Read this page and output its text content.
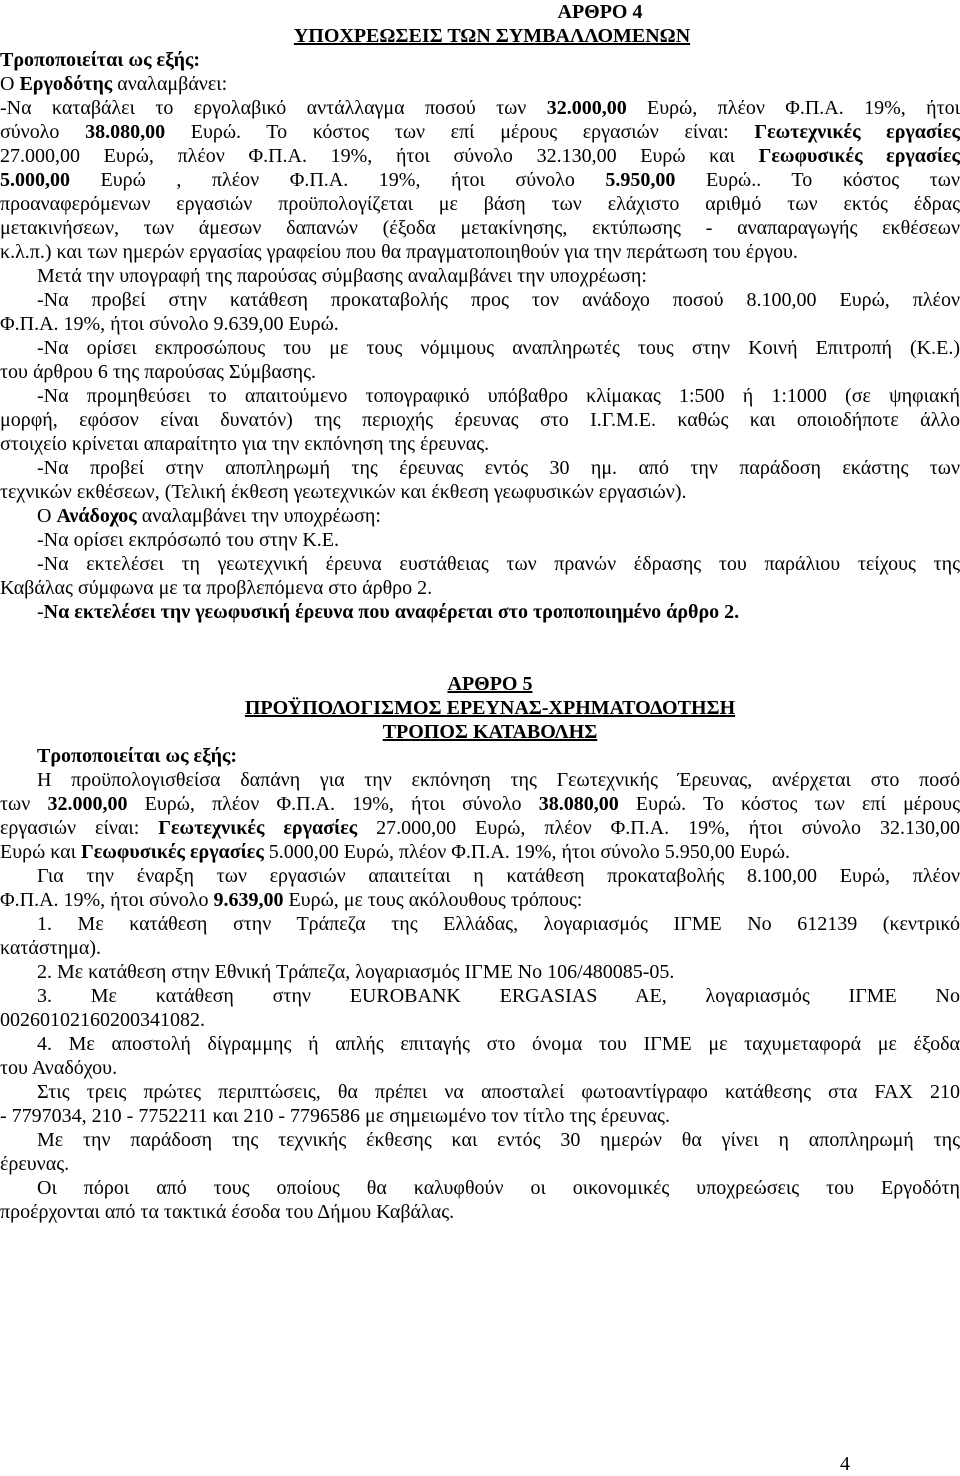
ΑΡΘΡΟ 4
ΥΠΟΧΡΕΩΣΕΙΣ ΤΩΝ ΣΥΜΒΑΛΛΟΜΕΝΩΝ
Τροποποιείται ως εξής:
Ο Εργοδότης αναλαμβάνει:
-Να καταβάλει το εργολαβικό αντάλλαγμα ποσού των 32.000,00 Ευρώ, πλέον Φ.Π.Α. 19%, ήτοι
σύνολο 38.080,00 Ευρώ. Το κόστος των επί μέρους εργασιών είναι: Γεωτεχνικές εργασίες
27.000,00 Ευρώ, πλέον Φ.Π.Α. 19%, ήτοι σύνολο 32.130,00 Ευρώ και Γεωφυσικές εργασίες
5.000,00 Ευρώ , πλέον Φ.Π.Α. 19%, ήτοι σύνολο 5.950,00 Ευρώ.. Το κόστος των
προαναφερόμενων εργασιών προϋπολογίζεται με βάση των ελάχιστο αριθμό των εκτός έδρας
μετακινήσεων, των άμεσων δαπανών (έξοδα μετακίνησης, εκτύπωσης - αναπαραγωγής εκθέσεων
κ.λ.π.) και των ημερών εργασίας γραφείου που θα πραγματοποιηθούν για την περάτωση του έργου.
Μετά την υπογραφή της παρούσας σύμβασης αναλαμβάνει την υποχρέωση:
-Να προβεί στην κατάθεση προκαταβολής προς τον ανάδοχο ποσού 8.100,00 Ευρώ, πλέον
Φ.Π.Α. 19%, ήτοι σύνολο 9.639,00 Ευρώ.
-Να ορίσει εκπροσώπους του με τους νόμιμους αναπληρωτές τους στην Κοινή Επιτροπή (Κ.Ε.)
του άρθρου 6 της παρούσας Σύμβασης.
-Να προμηθεύσει το απαιτούμενο τοπογραφικό υπόβαθρο κλίμακας 1:500 ή 1:1000 (σε ψηφιακή
μορφή, εφόσον είναι δυνατόν) της περιοχής έρευνας στο Ι.Γ.Μ.Ε. καθώς και οποιοδήποτε άλλο
στοιχείο κρίνεται απαραίτητο για την εκπόνηση της έρευνας.
-Να προβεί στην αποπληρωμή της έρευνας εντός 30 ημ. από την παράδοση εκάστης των
τεχνικών εκθέσεων, (Τελική έκθεση γεωτεχνικών και έκθεση γεωφυσικών εργασιών).
Ο Ανάδοχος αναλαμβάνει την υποχρέωση:
-Να ορίσει εκπρόσωπό του στην Κ.Ε.
-Να εκτελέσει τη γεωτεχνική έρευνα ευστάθειας των πρανών έδρασης του παράλιου τείχους της
Καβάλας σύμφωνα με τα προβλεπόμενα στο άρθρο 2.
-Να εκτελέσει την γεωφυσική έρευνα που αναφέρεται στο τροποποιημένο άρθρο 2.
ΑΡΘΡΟ 5
ΠΡΟΫΠΟΛΟΓΙΣΜΟΣ ΕΡΕΥΝΑΣ-ΧΡΗΜΑΤΟΔΟΤΗΣΗ
ΤΡΟΠΟΣ ΚΑΤΑΒΟΛΗΣ
Τροποποιείται ως εξής:
Η προϋπολογισθείσα δαπάνη για την εκπόνηση της Γεωτεχνικής Έρευνας, ανέρχεται στο ποσό
των 32.000,00 Ευρώ, πλέον Φ.Π.Α. 19%, ήτοι σύνολο 38.080,00 Ευρώ. Το κόστος των επί μέρους
εργασιών είναι: Γεωτεχνικές εργασίες 27.000,00 Ευρώ, πλέον Φ.Π.Α. 19%, ήτοι σύνολο 32.130,00
Ευρώ και Γεωφυσικές εργασίες 5.000,00 Ευρώ, πλέον Φ.Π.Α. 19%, ήτοι σύνολο 5.950,00 Ευρώ.
Για την έναρξη των εργασιών απαιτείται η κατάθεση προκαταβολής 8.100,00 Ευρώ, πλέον
Φ.Π.Α. 19%, ήτοι σύνολο 9.639,00 Ευρώ, με τους ακόλουθους τρόπους:
1. Με κατάθεση στην Τράπεζα της Ελλάδας, λογαριασμός ΙΓΜΕ Νο 612139 (κεντρικό
κατάστημα).
2. Με κατάθεση στην Εθνική Τράπεζα, λογαριασμός ΙΓΜΕ Νο 106/480085-05.
3. Με κατάθεση στην EUROBANK ERGASIAS AE, λογαριασμός ΙΓΜΕ Νο
00260102160200341082.
4. Με αποστολή δίγραμμης ή απλής επιταγής στο όνομα του ΙΓΜΕ με ταχυμεταφορά με έξοδα
του Αναδόχου.
Στις τρεις πρώτες περιπτώσεις, θα πρέπει να αποσταλεί φωτοαντίγραφο κατάθεσης στα FAX 210
- 7797034, 210 - 7752211 και 210 - 7796586 με σημειωμένο τον τίτλο της έρευνας.
Με την παράδοση της τεχνικής έκθεσης και εντός 30 ημερών θα γίνει η αποπληρωμή της
έρευνας.
Οι πόροι από τους οποίους θα καλυφθούν οι οικονομικές υποχρεώσεις του Εργοδότη
προέρχονται από τα τακτικά έσοδα του Δήμου Καβάλας.
4
